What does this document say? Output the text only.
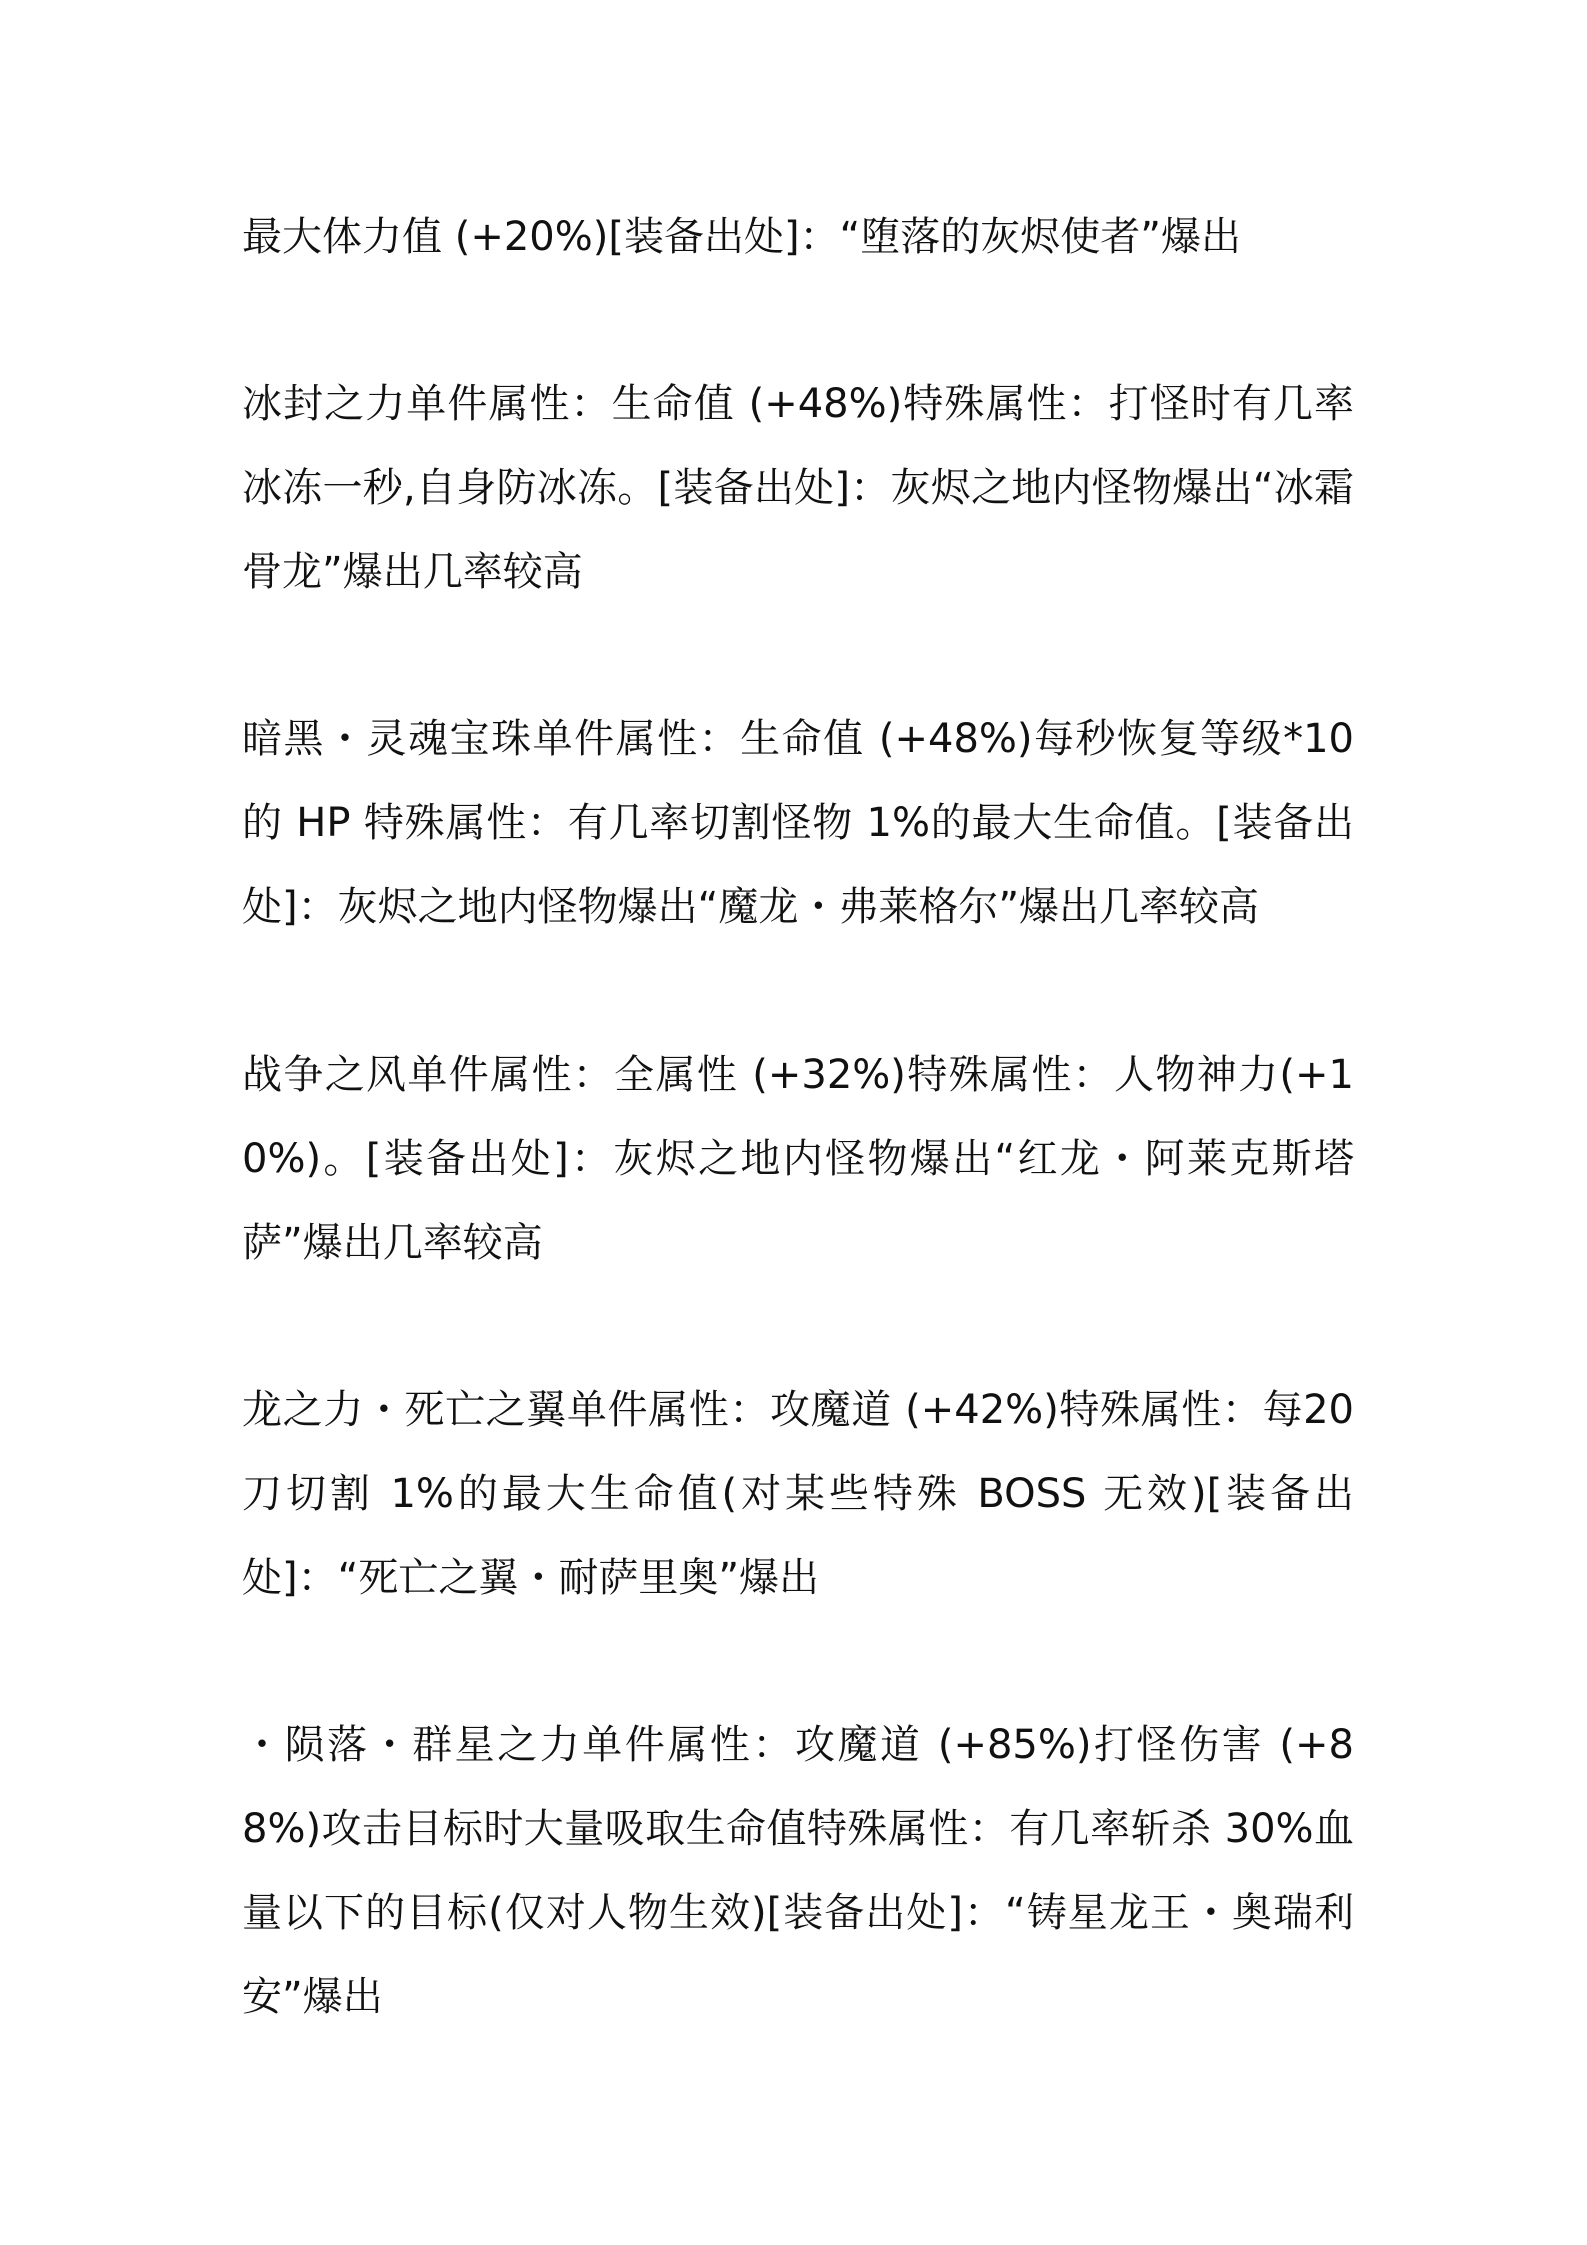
最大体力值 (+20%)[装备出处]：“堕落的灰烬使者”爆出

冰封之力单件属性：生命值 (+48%)特殊属性：打怪时有几率冰冻一秒,自身防冰冻。[装备出处]：灰烬之地内怪物爆出“冰霜骨龙”爆出几率较高

暗黑・灵魂宝珠单件属性：生命值 (+48%)每秒恢复等级*10的 HP 特殊属性：有几率切割怪物 1%的最大生命值。[装备出处]：灰烬之地内怪物爆出“魔龙・弗莱格尔”爆出几率较高

战争之风单件属性：全属性 (+32%)特殊属性：人物神力(+10%)。[装备出处]：灰烬之地内怪物爆出“红龙・阿莱克斯塔萨”爆出几率较高

龙之力・死亡之翼单件属性：攻魔道 (+42%)特殊属性：每20 刀切割 1%的最大生命值(对某些特殊 BOSS 无效)[装备出处]：“死亡之翼・耐萨里奥”爆出

・陨落・群星之力单件属性：攻魔道 (+85%)打怪伤害 (+88%)攻击目标时大量吸取生命值特殊属性：有几率斩杀 30%血量以下的目标(仅对人物生效)[装备出处]：“铸星龙王・奥瑞利安”爆出
